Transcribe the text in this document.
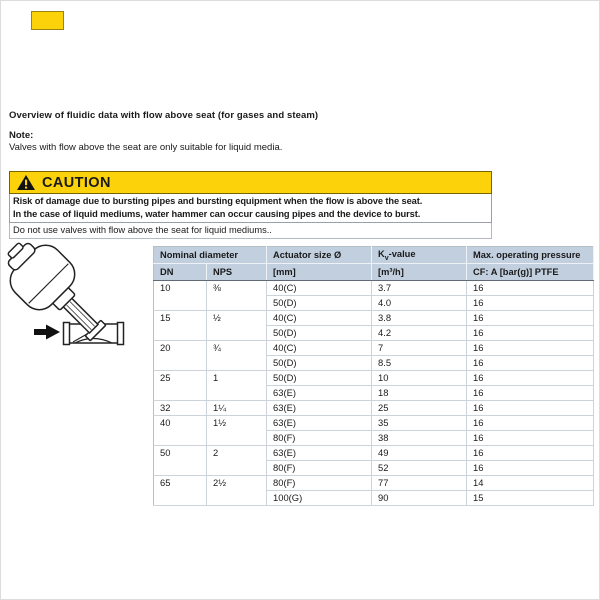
Overview of fluidic data with flow above seat (for gases and steam)
Note:
Valves with flow above the seat are only suitable for liquid media.
CAUTION
Risk of damage due to bursting pipes and bursting equipment when the flow is above the seat.
In the case of liquid mediums, water hammer can occur causing pipes and the device to burst.
Do not use valves with flow above the seat for liquid mediums..
Nominal diameter		Actuator size Ø	$K_v$-value	Max. operating pressure
DN	NPS	[mm]	[m³/h]	CF: A [bar(g)] PTFE
10	⅜	40(C)	3.7	16
		50(D)	4.0	16
15	½	40(C)	3.8	16
		50(D)	4.2	16
20	¾	40(C)	7	16
		50(D)	8.5	16
25	1	50(D)	10	16
		63(E)	18	16
32	1¼	63(E)	25	16
40	1½	63(E)	35	16
		80(F)	38	16
50	2	63(E)	49	16
		80(F)	52	16
65	2½	80(F)	77	14
		100(G)	90	15
